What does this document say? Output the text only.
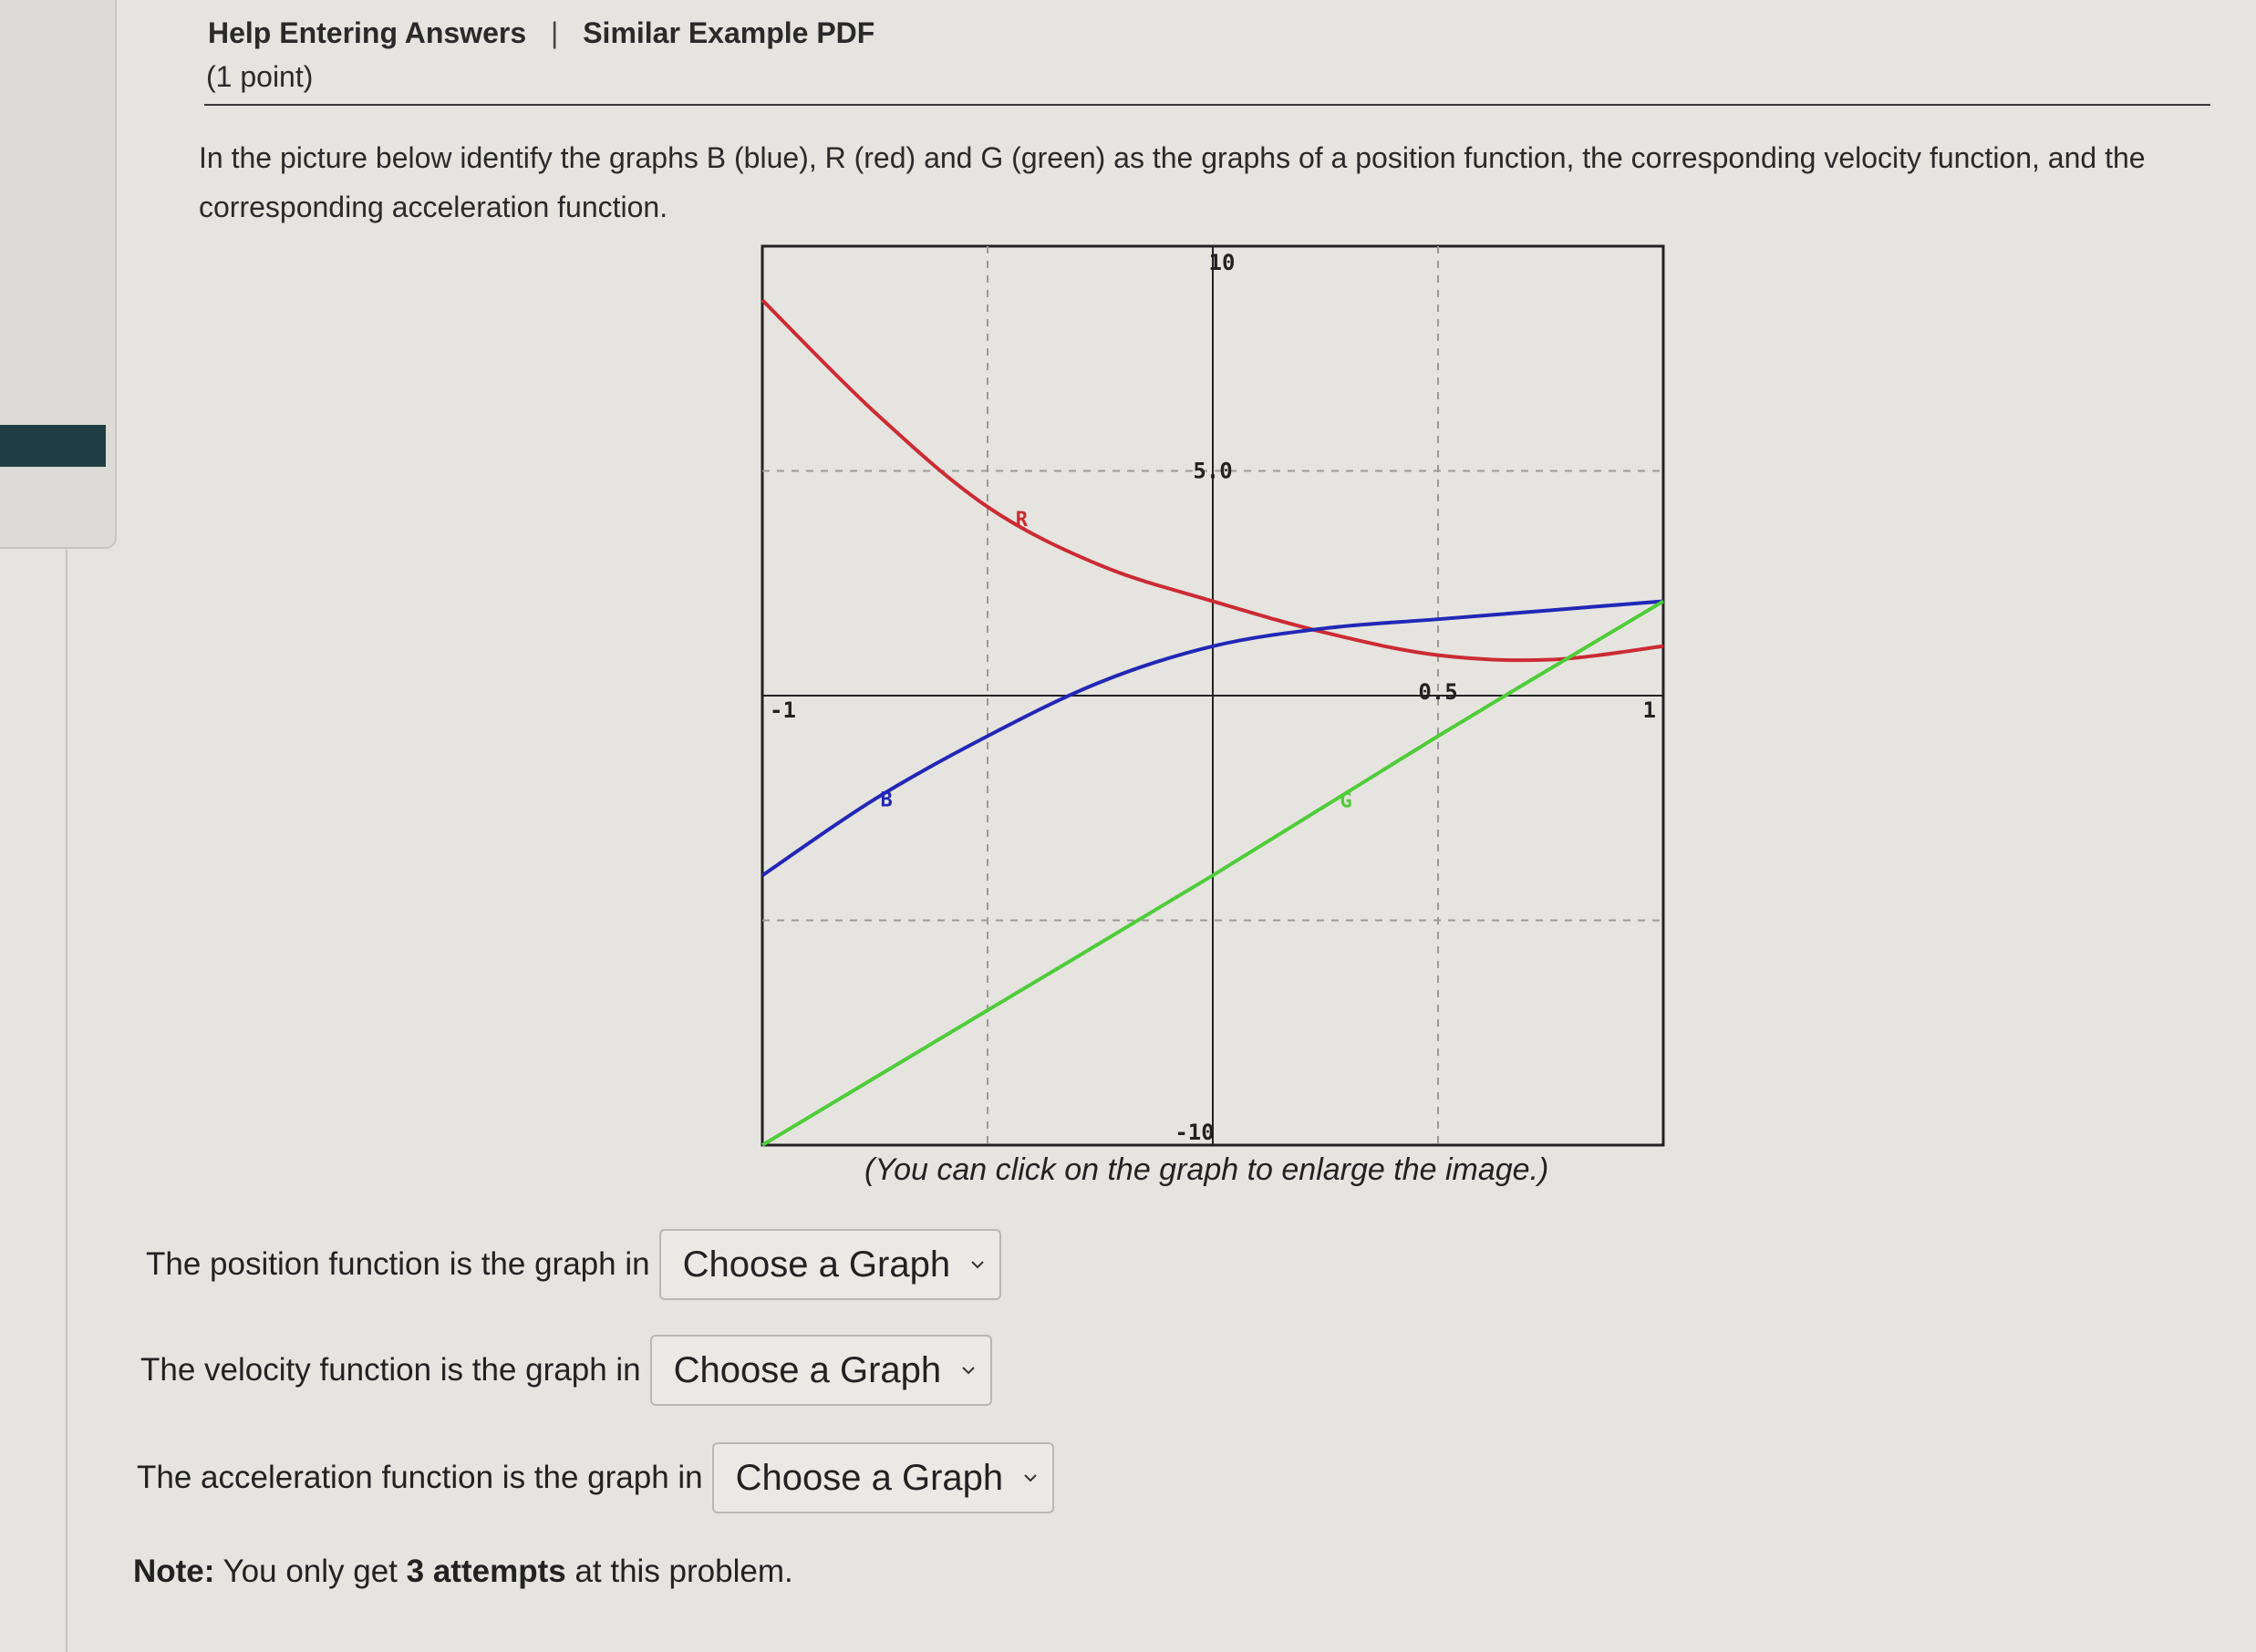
Help Entering Answers | Similar Example PDF
(1 point)
In the picture below identify the graphs B (blue), R (red) and G (green) as the graphs of a position function, the corresponding velocity function, and the corresponding acceleration function.
-1
0.5
1
10
5.0
-10
R
B	G
(You can click on the graph to enlarge the image.)
The position function is the graph in Choose a Graph
The velocity function is the graph in Choose a Graph
The acceleration function is the graph in Choose a Graph
Note: You only get 3 attempts at this problem.
